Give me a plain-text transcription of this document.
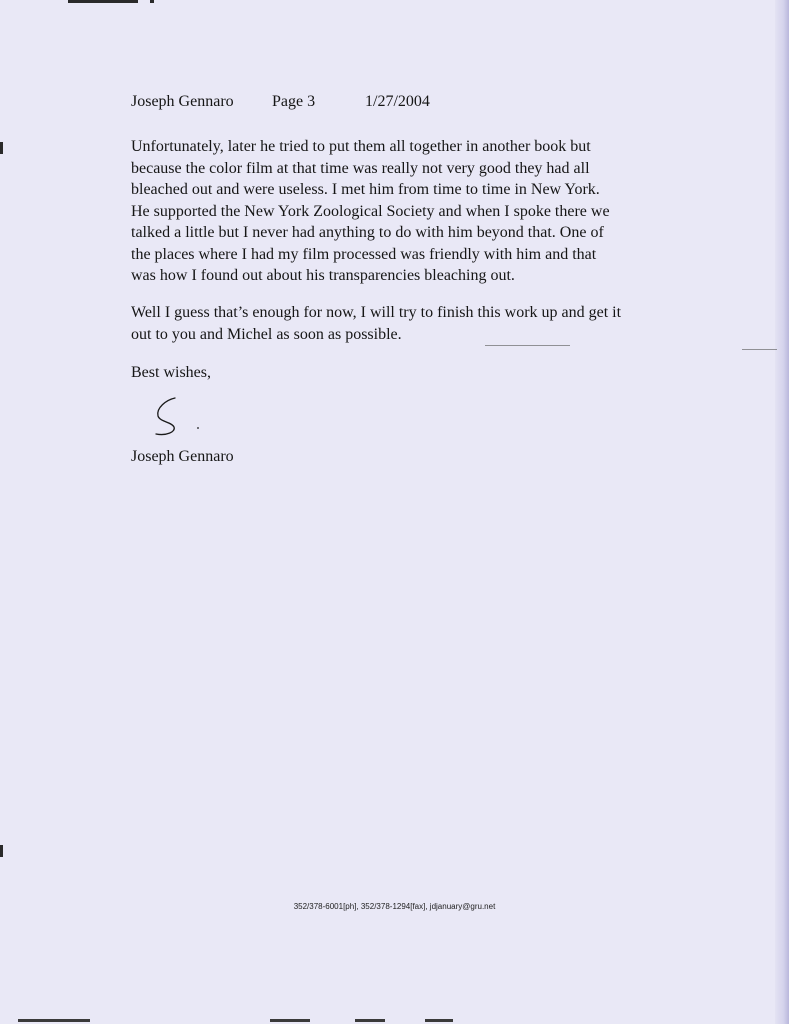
Joseph Gennaro Page 3	1/27/2004

Unfortunately, later he tried to put them all together in another book but
because the color film at that time was really not very good they had all
bleached out and were useless. I met him from time to time in New York.
He supported the New York Zoological Society and when I spoke there we
talked a little but I never had anything to do with him beyond that. One of
the places where I had my film processed was friendly with him and that
was how I found out about his transparencies bleaching out.

Well I guess that’s enough for now, I will try to finish this work up and get it
out to you and Michel as soon as possible.

Best wishes,

Joseph Gennaro

352/378-6001[ph], 352/378-1294[fax], jdjanuary@gru.net
